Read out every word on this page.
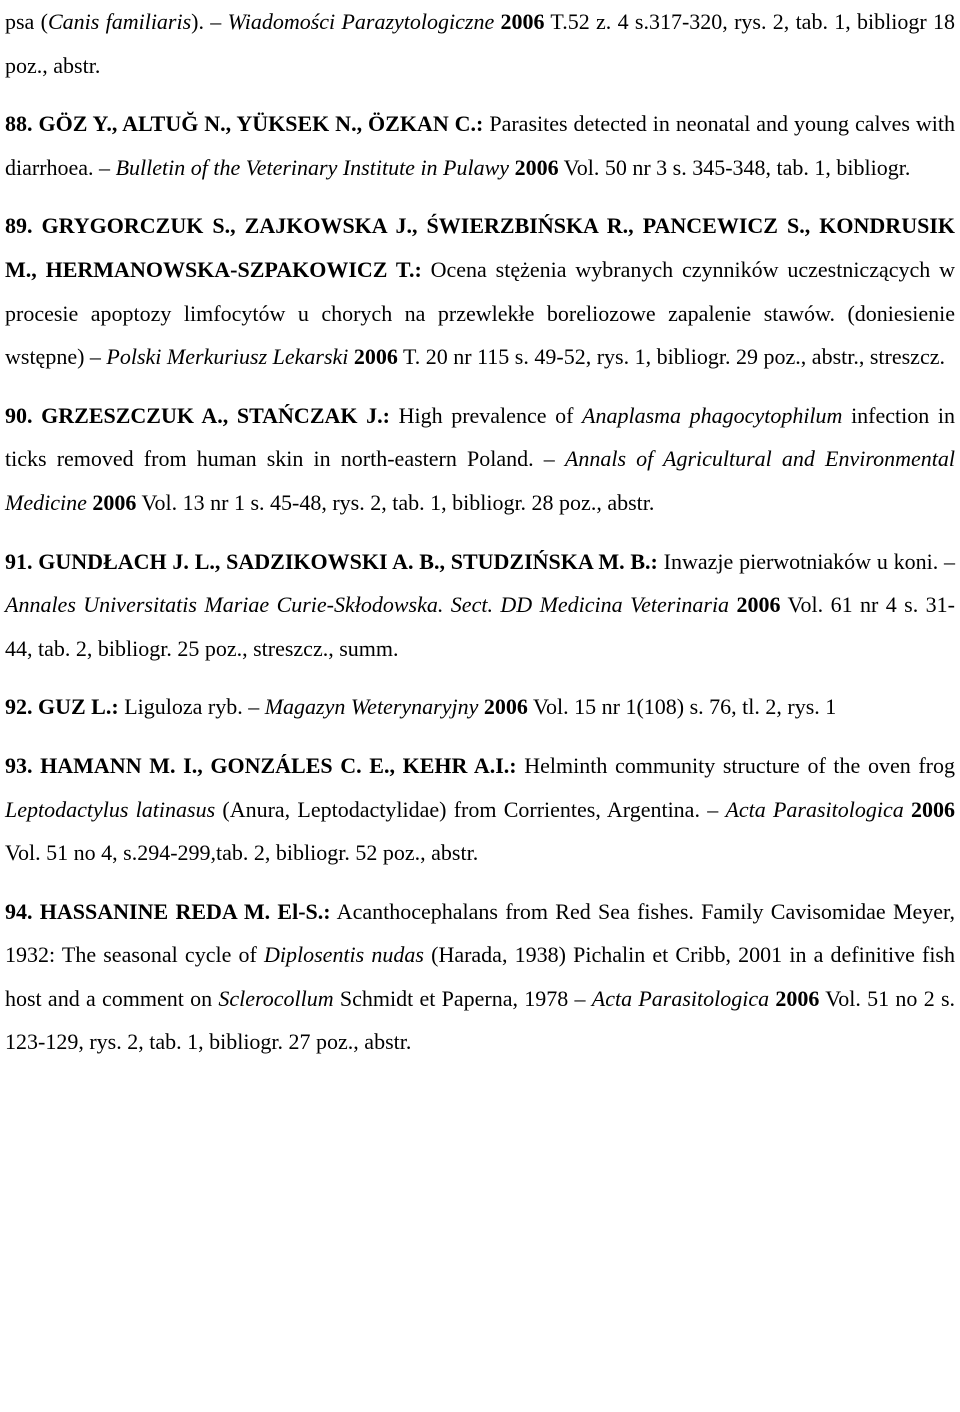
psa (Canis familiaris). – Wiadomości Parazytologiczne 2006 T.52 z. 4 s.317-320, rys. 2, tab. 1, bibliogr 18 poz., abstr.

88. GÖZ Y., ALTUĞ N., YÜKSEK N., ÖZKAN C.: Parasites detected in neonatal and young calves with diarrhoea. – Bulletin of the Veterinary Institute in Pulawy 2006 Vol. 50 nr 3 s. 345-348, tab. 1, bibliogr.

89. GRYGORCZUK S., ZAJKOWSKA J., ŚWIERZBIŃSKA R., PANCEWICZ S., KONDRUSIK M., HERMANOWSKA-SZPAKOWICZ T.: Ocena stężenia wybranych czynników uczestniczących w procesie apoptozy limfocytów u chorych na przewlekłe boreliozowe zapalenie stawów. (doniesienie wstępne) – Polski Merkuriusz Lekarski 2006 T. 20 nr 115 s. 49-52, rys. 1, bibliogr. 29 poz., abstr., streszcz.

90. GRZESZCZUK A., STAŃCZAK J.: High prevalence of Anaplasma phagocytophilum infection in ticks removed from human skin in north-eastern Poland. – Annals of Agricultural and Environmental Medicine 2006 Vol. 13 nr 1 s. 45-48, rys. 2, tab. 1, bibliogr. 28 poz., abstr.

91. GUNDŁACH J. L., SADZIKOWSKI A. B., STUDZIŃSKA M. B.: Inwazje pierwotniaków u koni. – Annales Universitatis Mariae Curie-Skłodowska. Sect. DD Medicina Veterinaria 2006 Vol. 61 nr 4 s. 31-44, tab. 2, bibliogr. 25 poz., streszcz., summ.

92. GUZ L.: Liguloza ryb. – Magazyn Weterynaryjny 2006 Vol. 15 nr 1(108) s. 76, tl. 2, rys. 1

93. HAMANN M. I., GONZÁLES C. E., KEHR A.I.: Helminth community structure of the oven frog Leptodactylus latinasus (Anura, Leptodactylidae) from Corrientes, Argentina. – Acta Parasitologica 2006 Vol. 51 no 4, s.294-299,tab. 2, bibliogr. 52 poz., abstr.

94. HASSANINE REDA M. El-S.: Acanthocephalans from Red Sea fishes. Family Cavisomidae Meyer, 1932: The seasonal cycle of Diplosentis nudas (Harada, 1938) Pichalin et Cribb, 2001 in a definitive fish host and a comment on Sclerocollum Schmidt et Paperna, 1978 – Acta Parasitologica 2006 Vol. 51 no 2 s. 123-129, rys. 2, tab. 1, bibliogr. 27 poz., abstr.
